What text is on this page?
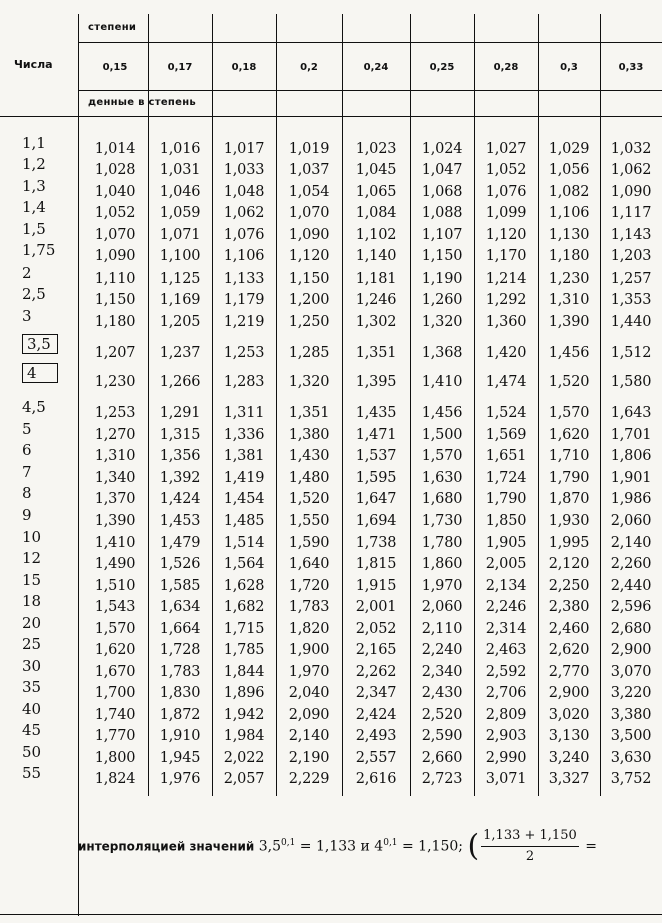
Числа
степени
денные в степень
0,15	0,17	0,18	0,2	0,24	0,25	0,28	0,3	0,33
1,1	1,014	1,016	1,017	1,019	1,023	1,024	1,027	1,029	1,032
1,2	1,028	1,031	1,033	1,037	1,045	1,047	1,052	1,056	1,062
1,3	1,040	1,046	1,048	1,054	1,065	1,068	1,076	1,082	1,090
1,4	1,052	1,059	1,062	1,070	1,084	1,088	1,099	1,106	1,117
1,5	1,070	1,071	1,076	1,090	1,102	1,107	1,120	1,130	1,143
1,75	1,090	1,100	1,106	1,120	1,140	1,150	1,170	1,180	1,203
2	1,110	1,125	1,133	1,150	1,181	1,190	1,214	1,230	1,257
2,5	1,150	1,169	1,179	1,200	1,246	1,260	1,292	1,310	1,353
3	1,180	1,205	1,219	1,250	1,302	1,320	1,360	1,390	1,440
3,5	1,207	1,237	1,253	1,285	1,351	1,368	1,420	1,456	1,512
4	1,230	1,266	1,283	1,320	1,395	1,410	1,474	1,520	1,580
4,5	1,253	1,291	1,311	1,351	1,435	1,456	1,524	1,570	1,643
5	1,270	1,315	1,336	1,380	1,471	1,500	1,569	1,620	1,701
6	1,310	1,356	1,381	1,430	1,537	1,570	1,651	1,710	1,806
7	1,340	1,392	1,419	1,480	1,595	1,630	1,724	1,790	1,901
8	1,370	1,424	1,454	1,520	1,647	1,680	1,790	1,870	1,986
9	1,390	1,453	1,485	1,550	1,694	1,730	1,850	1,930	2,060
10	1,410	1,479	1,514	1,590	1,738	1,780	1,905	1,995	2,140
12	1,490	1,526	1,564	1,640	1,815	1,860	2,005	2,120	2,260
15	1,510	1,585	1,628	1,720	1,915	1,970	2,134	2,250	2,440
18	1,543	1,634	1,682	1,783	2,001	2,060	2,246	2,380	2,596
20	1,570	1,664	1,715	1,820	2,052	2,110	2,314	2,460	2,680
25	1,620	1,728	1,785	1,900	2,165	2,240	2,463	2,620	2,900
30	1,670	1,783	1,844	1,970	2,262	2,340	2,592	2,770	3,070
35	1,700	1,830	1,896	2,040	2,347	2,430	2,706	2,900	3,220
40	1,740	1,872	1,942	2,090	2,424	2,520	2,809	3,020	3,380
45	1,770	1,910	1,984	2,140	2,493	2,590	2,903	3,130	3,500
50	1,800	1,945	2,022	2,190	2,557	2,660	2,990	3,240	3,630
55	1,824	1,976	2,057	2,229	2,616	2,723	3,071	3,327	3,752
интерполяцией значений $3,5^{0,1} = 1,133$ и $4^{0,1} = 1,150$; ( $\frac{1,133 + 1,150}{2}$ =
